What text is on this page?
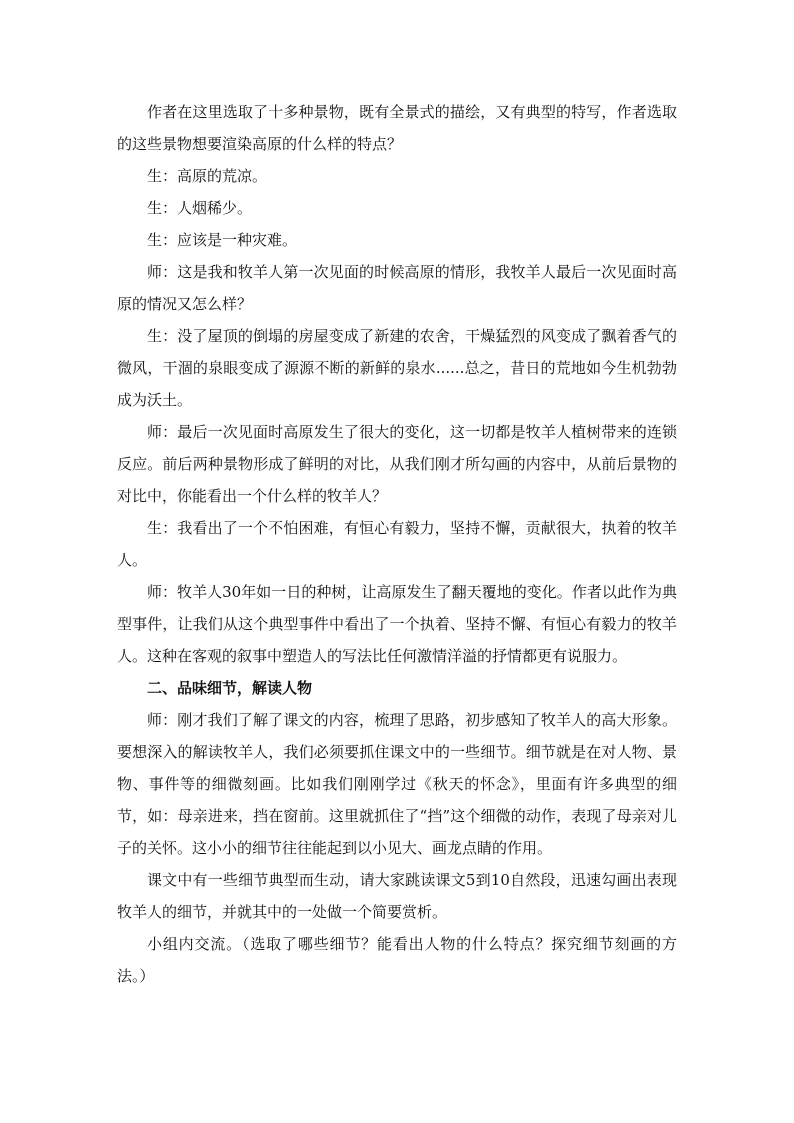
作者在这里选取了十多种景物，既有全景式的描绘，又有典型的特写，作者选取的这些景物想要渲染高原的什么样的特点？

生：高原的荒凉。

生：人烟稀少。

生：应该是一种灾难。

师：这是我和牧羊人第一次见面的时候高原的情形，我牧羊人最后一次见面时高原的情况又怎么样？

生：没了屋顶的倒塌的房屋变成了新建的农舍，干燥猛烈的风变成了飘着香气的微风，干涸的泉眼变成了源源不断的新鲜的泉水......总之，昔日的荒地如今生机勃勃成为沃土。

师：最后一次见面时高原发生了很大的变化，这一切都是牧羊人植树带来的连锁反应。前后两种景物形成了鲜明的对比，从我们刚才所勾画的内容中，从前后景物的对比中，你能看出一个什么样的牧羊人？

生：我看出了一个不怕困难，有恒心有毅力，坚持不懈，贡献很大，执着的牧羊人。

师：牧羊人30年如一日的种树，让高原发生了翻天覆地的变化。作者以此作为典型事件，让我们从这个典型事件中看出了一个执着、坚持不懈、有恒心有毅力的牧羊人。这种在客观的叙事中塑造人的写法比任何激情洋溢的抒情都更有说服力。

二、品味细节，解读人物

师：刚才我们了解了课文的内容，梳理了思路，初步感知了牧羊人的高大形象。要想深入的解读牧羊人，我们必须要抓住课文中的一些细节。细节就是在对人物、景物、事件等的细微刻画。比如我们刚刚学过《秋天的怀念》，里面有许多典型的细节，如：母亲进来，挡在窗前。这里就抓住了“挡”这个细微的动作，表现了母亲对儿子的关怀。这小小的细节往往能起到以小见大、画龙点睛的作用。

课文中有一些细节典型而生动，请大家跳读课文5到10自然段，迅速勾画出表现牧羊人的细节，并就其中的一处做一个简要赏析。

小组内交流。（选取了哪些细节？能看出人物的什么特点？探究细节刻画的方法。）
